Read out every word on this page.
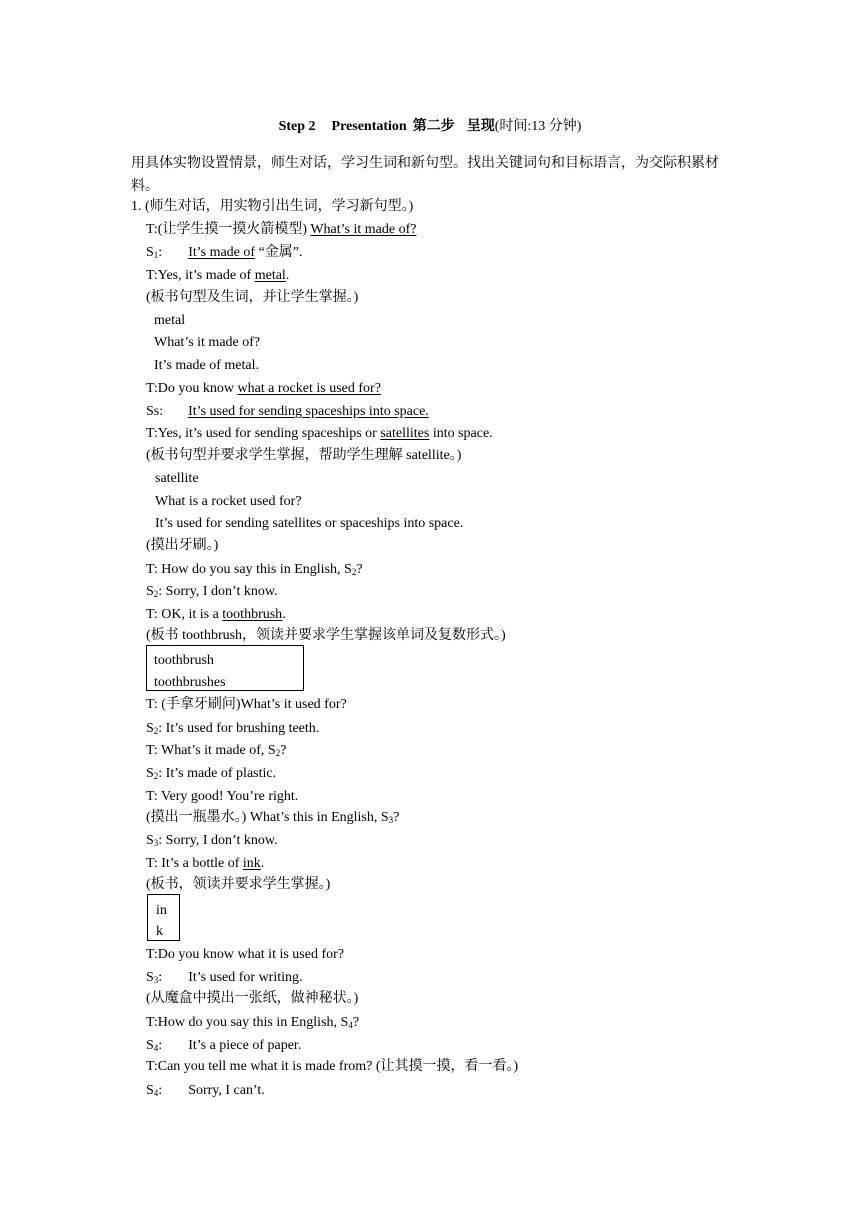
Step 2 Presentation 第二步 呈现(时间:13 分钟)
用具体实物设置情景，师生对话，学习生词和新句型。找出关键词句和目标语言，为交际积累材料。
1. (师生对话，用实物引出生词，学习新句型。)
T:(让学生摸一摸火箭模型) What’s it made of?
$S_1$: It’s made of “金属”.
T:Yes, it’s made of metal.
(板书句型及生词，并让学生掌握。)
metal
What’s it made of?
It’s made of metal.
T:Do you know what a rocket is used for?
Ss: It’s used for sending spaceships into space.
T:Yes, it’s used for sending spaceships or satellites into space.
(板书句型并要求学生掌握，帮助学生理解 satellite。)
satellite
What is a rocket used for?
It’s used for sending satellites or spaceships into space.
(摸出牙刷。)
T: How do you say this in English, $S_2$?
$S_2$: Sorry, I don’t know.
T: OK, it is a toothbrush.
(板书 toothbrush，领读并要求学生掌握该单词及复数形式。)
toothbrush
toothbrushes
T: (手拿牙刷问)What’s it used for?
$S_2$: It’s used for brushing teeth.
T: What’s it made of, $S_2$?
$S_2$: It’s made of plastic.
T: Very good! You’re right.
(摸出一瓶墨水。) What’s this in English, $S_3$?
$S_3$: Sorry, I don’t know.
T: It’s a bottle of ink.
(板书，领读并要求学生掌握。)
in
k
T:Do you know what it is used for?
$S_3$: It’s used for writing.
(从魔盒中摸出一张纸，做神秘状。)
T:How do you say this in English, $S_4$?
$S_4$: It’s a piece of paper.
T:Can you tell me what it is made from? (让其摸一摸，看一看。)
$S_4$: Sorry, I can’t.
